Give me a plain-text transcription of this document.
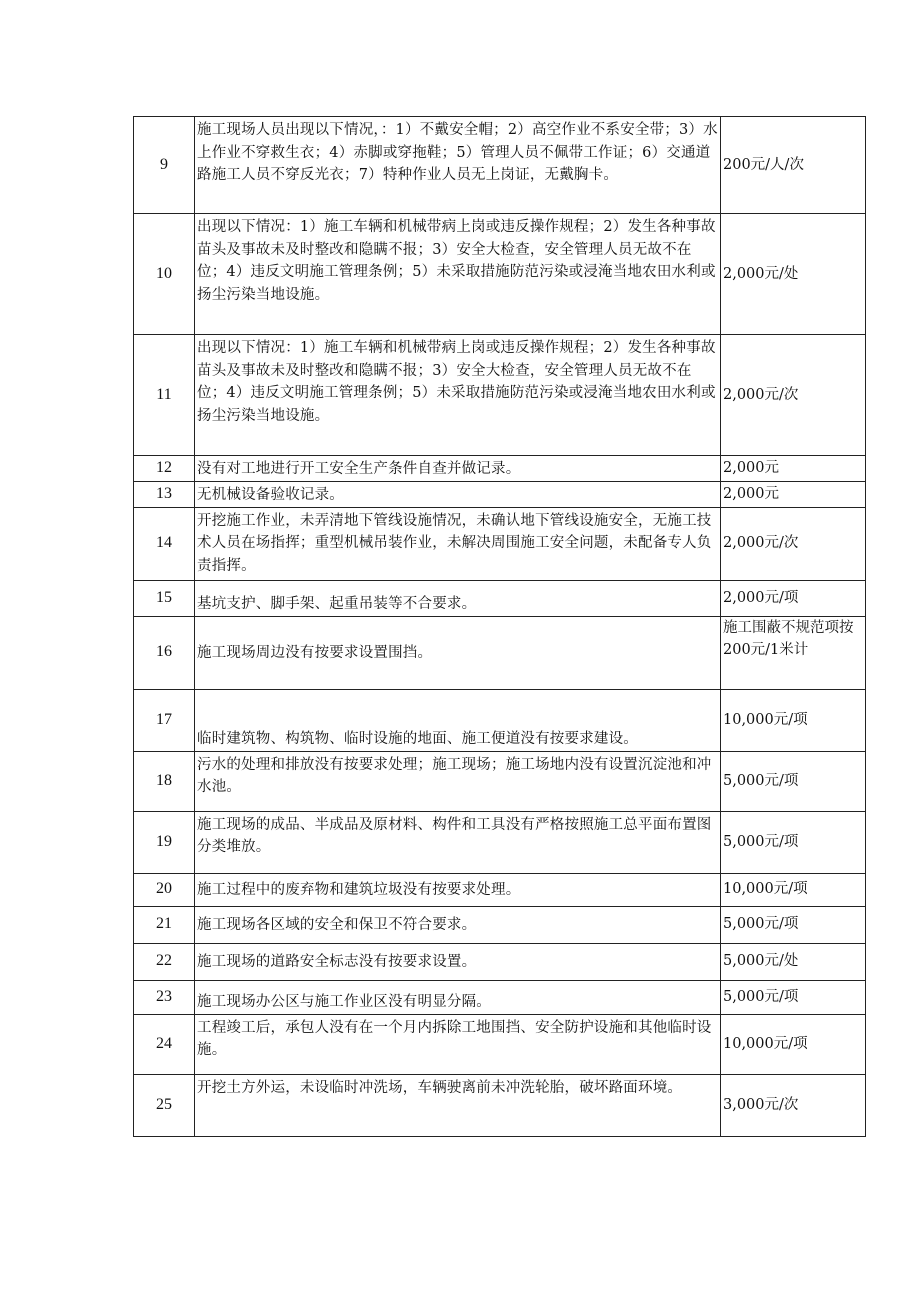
9	施工现场人员出现以下情况，：1）不戴安全帽；2）高空作业不系安全带；3）水上作业不穿救生衣；4）赤脚或穿拖鞋；5）管理人员不佩带工作证；6）交通道路施工人员不穿反光衣；7）特种作业人员无上岗证，无戴胸卡。	200元/人/次
10	出现以下情况：1）施工车辆和机械带病上岗或违反操作规程；2）发生各种事故苗头及事故未及时整改和隐瞒不报；3）安全大检查，安全管理人员无故不在位；4）违反文明施工管理条例；5）未采取措施防范污染或浸淹当地农田水利或扬尘污染当地设施。	2,000元/处
11	出现以下情况：1）施工车辆和机械带病上岗或违反操作规程；2）发生各种事故苗头及事故未及时整改和隐瞒不报；3）安全大检查，安全管理人员无故不在位；4）违反文明施工管理条例；5）未采取措施防范污染或浸淹当地农田水利或扬尘污染当地设施。	2,000元/次
12	没有对工地进行开工安全生产条件自查并做记录。	2,000元
13	无机械设备验收记录。	2,000元
14	开挖施工作业，未弄清地下管线设施情况，未确认地下管线设施安全，无施工技术人员在场指挥；重型机械吊装作业，未解决周围施工安全问题，未配备专人负责指挥。	2,000元/次
15	基坑支护、脚手架、起重吊装等不合要求。	2,000元/项
16	施工现场周边没有按要求设置围挡。	施工围蔽不规范项按200元/1米计
17	临时建筑物、构筑物、临时设施的地面、施工便道没有按要求建设。	10,000元/项
18	污水的处理和排放没有按要求处理；施工现场；施工场地内没有设置沉淀池和冲水池。	5,000元/项
19	施工现场的成品、半成品及原材料、构件和工具没有严格按照施工总平面布置图分类堆放。	5,000元/项
20	施工过程中的废弃物和建筑垃圾没有按要求处理。	10,000元/项
21	施工现场各区域的安全和保卫不符合要求。	5,000元/项
22	施工现场的道路安全标志没有按要求设置。	5,000元/处
23	施工现场办公区与施工作业区没有明显分隔。	5,000元/项
24	工程竣工后，承包人没有在一个月内拆除工地围挡、安全防护设施和其他临时设施。	10,000元/项
25	开挖土方外运，未设临时冲洗场，车辆驶离前未冲洗轮胎，破坏路面环境。	3,000元/次
